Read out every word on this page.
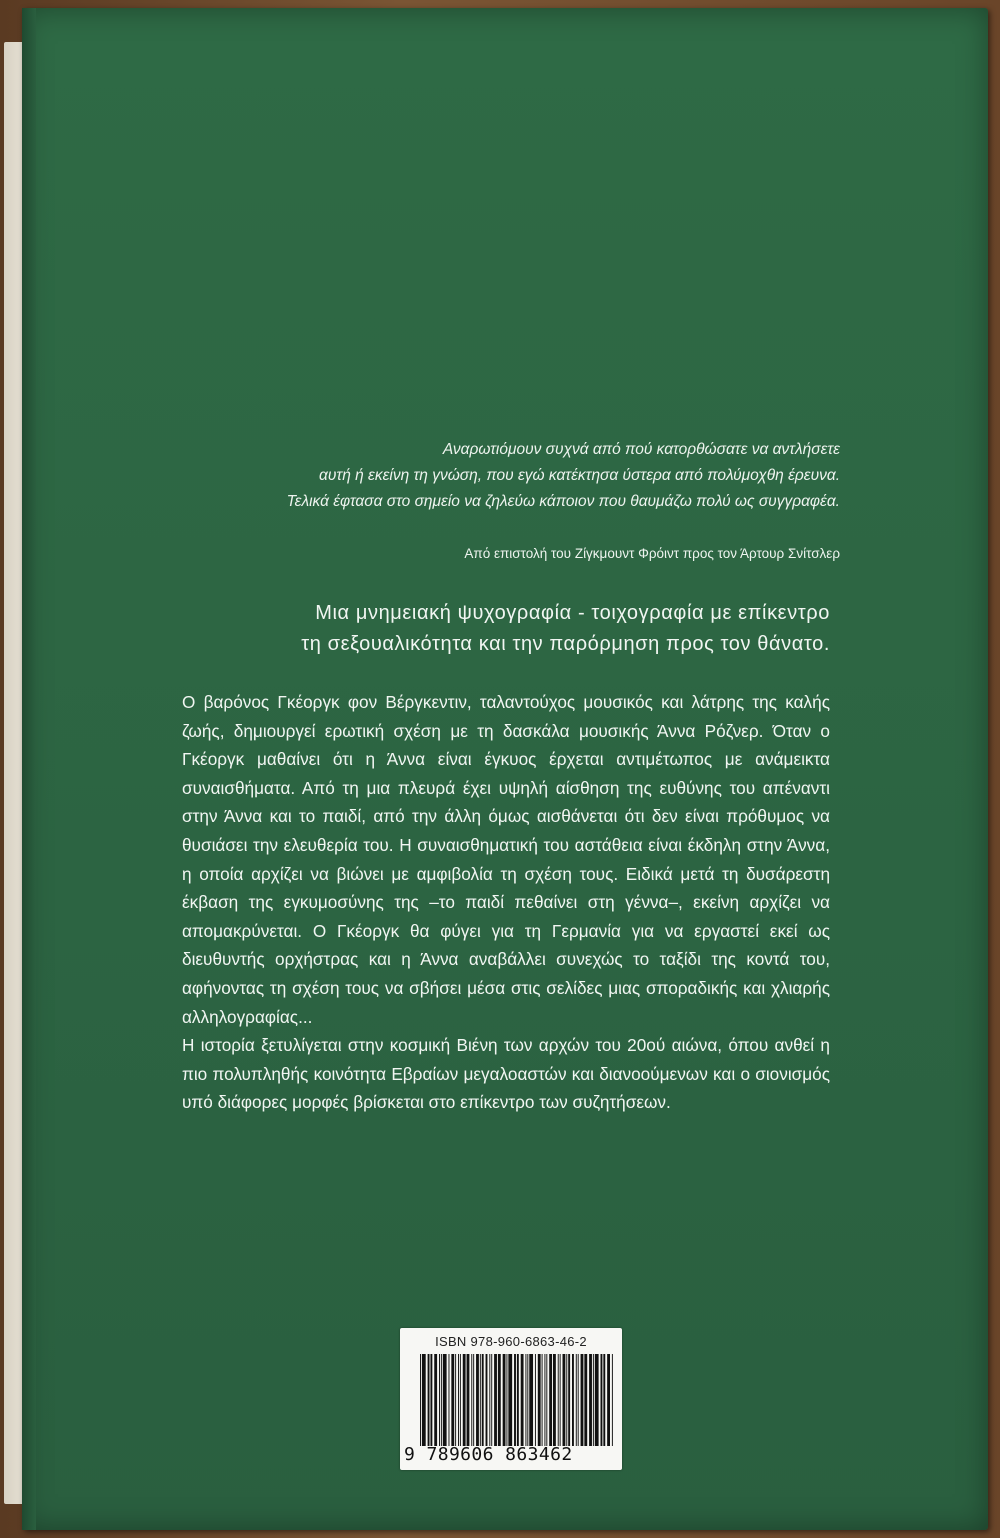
Αναρωτιόμουν συχνά από πού κατορθώσατε να αντλήσετε
αυτή ή εκείνη τη γνώση, που εγώ κατέκτησα ύστερα από πολύμοχθη έρευνα.
Τελικά έφτασα στο σημείο να ζηλεύω κάποιον που θαυμάζω πολύ ως συγγραφέα.
Από επιστολή του Ζίγκμουντ Φρόιντ προς τον Άρτουρ Σνίτσλερ
Μια μνημειακή ψυχογραφία - τοιχογραφία με επίκεντρο
τη σεξουαλικότητα και την παρόρμηση προς τον θάνατο.

Ο βαρόνος Γκέοργκ φον Βέργκεντιν, ταλαντούχος μουσικός και λάτρης της καλής ζωής, δημιουργεί ερωτική σχέση με τη δασκάλα μουσικής Άννα Ρόζνερ. Όταν ο Γκέοργκ μαθαίνει ότι η Άννα είναι έγκυος έρχεται αντιμέτωπος με ανάμεικτα συναισθήματα. Από τη μια πλευρά έχει υψηλή αίσθηση της ευθύνης του απέναντι στην Άννα και το παιδί, από την άλλη όμως αισθάνεται ότι δεν είναι πρόθυμος να θυσιάσει την ελευθερία του. Η συναισθηματική του αστάθεια είναι έκδηλη στην Άννα, η οποία αρχίζει να βιώνει με αμφιβολία τη σχέση τους. Ειδικά μετά τη δυσάρεστη έκβαση της εγκυμοσύνης της –το παιδί πεθαίνει στη γέννα–, εκείνη αρχίζει να απομακρύνεται. Ο Γκέοργκ θα φύγει για τη Γερμανία για να εργαστεί εκεί ως διευθυντής ορχήστρας και η Άννα αναβάλλει συνεχώς το ταξίδι της κοντά του, αφήνοντας τη σχέση τους να σβήσει μέσα στις σελίδες μιας σποραδικής και χλιαρής αλληλογραφίας...

Η ιστορία ξετυλίγεται στην κοσμική Βιένη των αρχών του 20ού αιώνα, όπου ανθεί η πιο πολυπληθής κοινότητα Εβραίων μεγαλοαστών και διανοούμενων και ο σιονισμός υπό διάφορες μορφές βρίσκεται στο επίκεντρο των συζητήσεων.

ISBN 978-960-6863-46-2
9 789606 863462
